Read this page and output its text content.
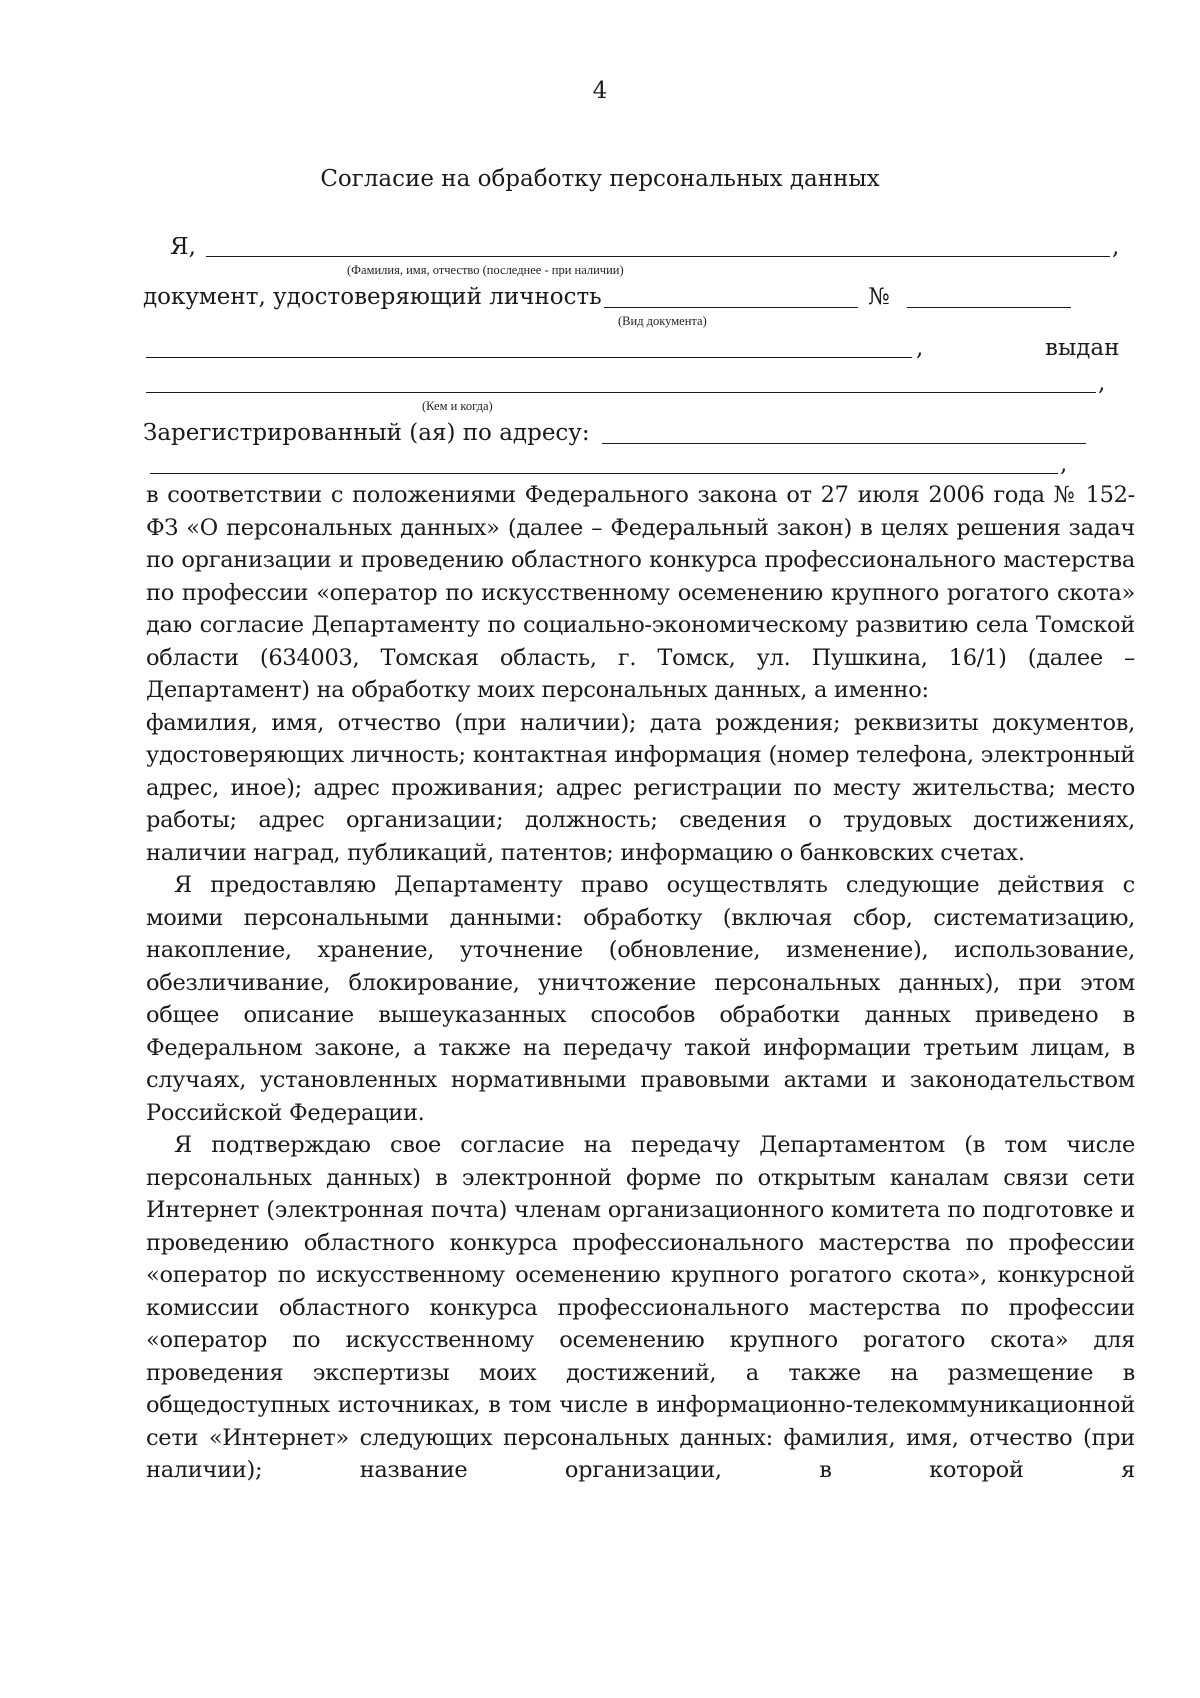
4
Согласие на обработку персональных данных
Я,	,
(Фамилия, имя, отчество (последнее - при наличии)
документ, удостоверяющий личность	№
(Вид документа)
,	выдан
,
(Кем и когда)
Зарегистрированный (ая) по адресу:
,

в соответствии с положениями Федерального закона от 27 июля 2006 года № 152-ФЗ «О персональных данных» (далее – Федеральный закон) в целях решения задач по организации и проведению областного конкурса профессионального мастерства по профессии «оператор по искусственному осеменению крупного рогатого скота» даю согласие Департаменту по социально-экономическому развитию села Томской области (634003, Томская область, г. Томск, ул. Пушкина, 16/1) (далее – Департамент) на обработку моих персональных данных, а именно:

фамилия, имя, отчество (при наличии); дата рождения; реквизиты документов, удостоверяющих личность; контактная информация (номер телефона, электронный адрес, иное); адрес проживания; адрес регистрации по месту жительства; место работы; адрес организации; должность; сведения о трудовых достижениях, наличии наград, публикаций, патентов; информацию о банковских счетах.

Я предоставляю Департаменту право осуществлять следующие действия с моими персональными данными: обработку (включая сбор, систематизацию, накопление, хранение, уточнение (обновление, изменение), использование, обезличивание, блокирование, уничтожение персональных данных), при этом общее описание вышеуказанных способов обработки данных приведено в Федеральном законе, а также на передачу такой информации третьим лицам, в случаях, установленных нормативными правовыми актами и законодательством Российской Федерации.

Я подтверждаю свое согласие на передачу Департаментом (в том числе персональных данных) в электронной форме по открытым каналам связи сети Интернет (электронная почта) членам организационного комитета по подготовке и проведению областного конкурса профессионального мастерства по профессии «оператор по искусственному осеменению крупного рогатого скота», конкурсной комиссии областного конкурса профессионального мастерства по профессии «оператор по искусственному осеменению крупного рогатого скота» для проведения экспертизы моих достижений, а также на размещение в общедоступных источниках, в том числе в информационно-телекоммуникационной сети «Интернет» следующих персональных данных: фамилия, имя, отчество (при наличии); название организации, в которой я
